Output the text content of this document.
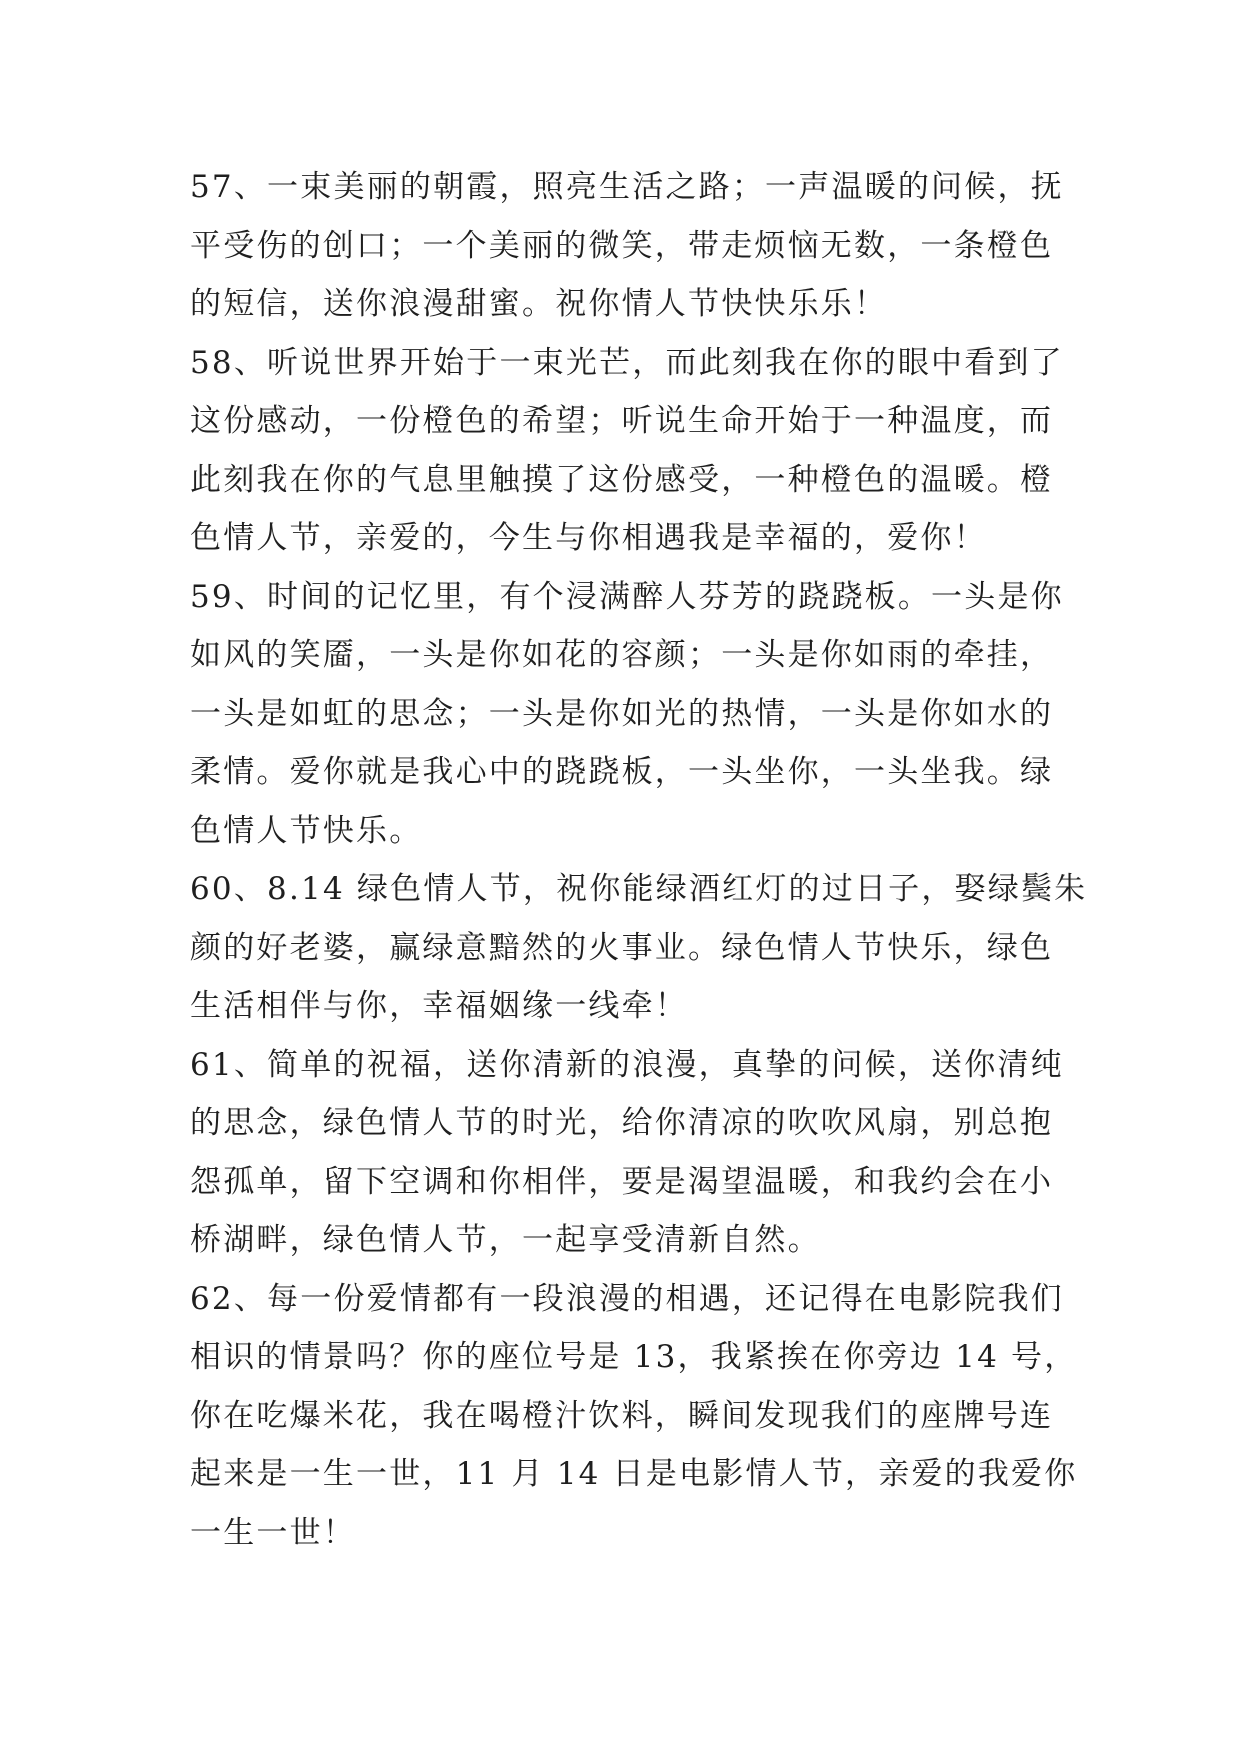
57、一束美丽的朝霞，照亮生活之路；一声温暖的问候，抚
平受伤的创口；一个美丽的微笑，带走烦恼无数，一条橙色
的短信，送你浪漫甜蜜。祝你情人节快快乐乐！

58、听说世界开始于一束光芒，而此刻我在你的眼中看到了
这份感动，一份橙色的希望；听说生命开始于一种温度，而
此刻我在你的气息里触摸了这份感受，一种橙色的温暖。橙
色情人节，亲爱的，今生与你相遇我是幸福的，爱你！

59、时间的记忆里，有个浸满醉人芬芳的跷跷板。一头是你
如风的笑靥，一头是你如花的容颜；一头是你如雨的牵挂，
一头是如虹的思念；一头是你如光的热情，一头是你如水的
柔情。爱你就是我心中的跷跷板，一头坐你，一头坐我。绿
色情人节快乐。

60、8.14 绿色情人节，祝你能绿酒红灯的过日子，娶绿鬓朱
颜的好老婆，赢绿意黯然的火事业。绿色情人节快乐，绿色
生活相伴与你，幸福姻缘一线牵！

61、简单的祝福，送你清新的浪漫，真挚的问候，送你清纯
的思念，绿色情人节的时光，给你清凉的吹吹风扇，别总抱
怨孤单，留下空调和你相伴，要是渴望温暖，和我约会在小
桥湖畔，绿色情人节，一起享受清新自然。

62、每一份爱情都有一段浪漫的相遇，还记得在电影院我们
相识的情景吗？你的座位号是 13，我紧挨在你旁边 14 号，
你在吃爆米花，我在喝橙汁饮料，瞬间发现我们的座牌号连
起来是一生一世，11 月 14 日是电影情人节，亲爱的我爱你
一生一世！
